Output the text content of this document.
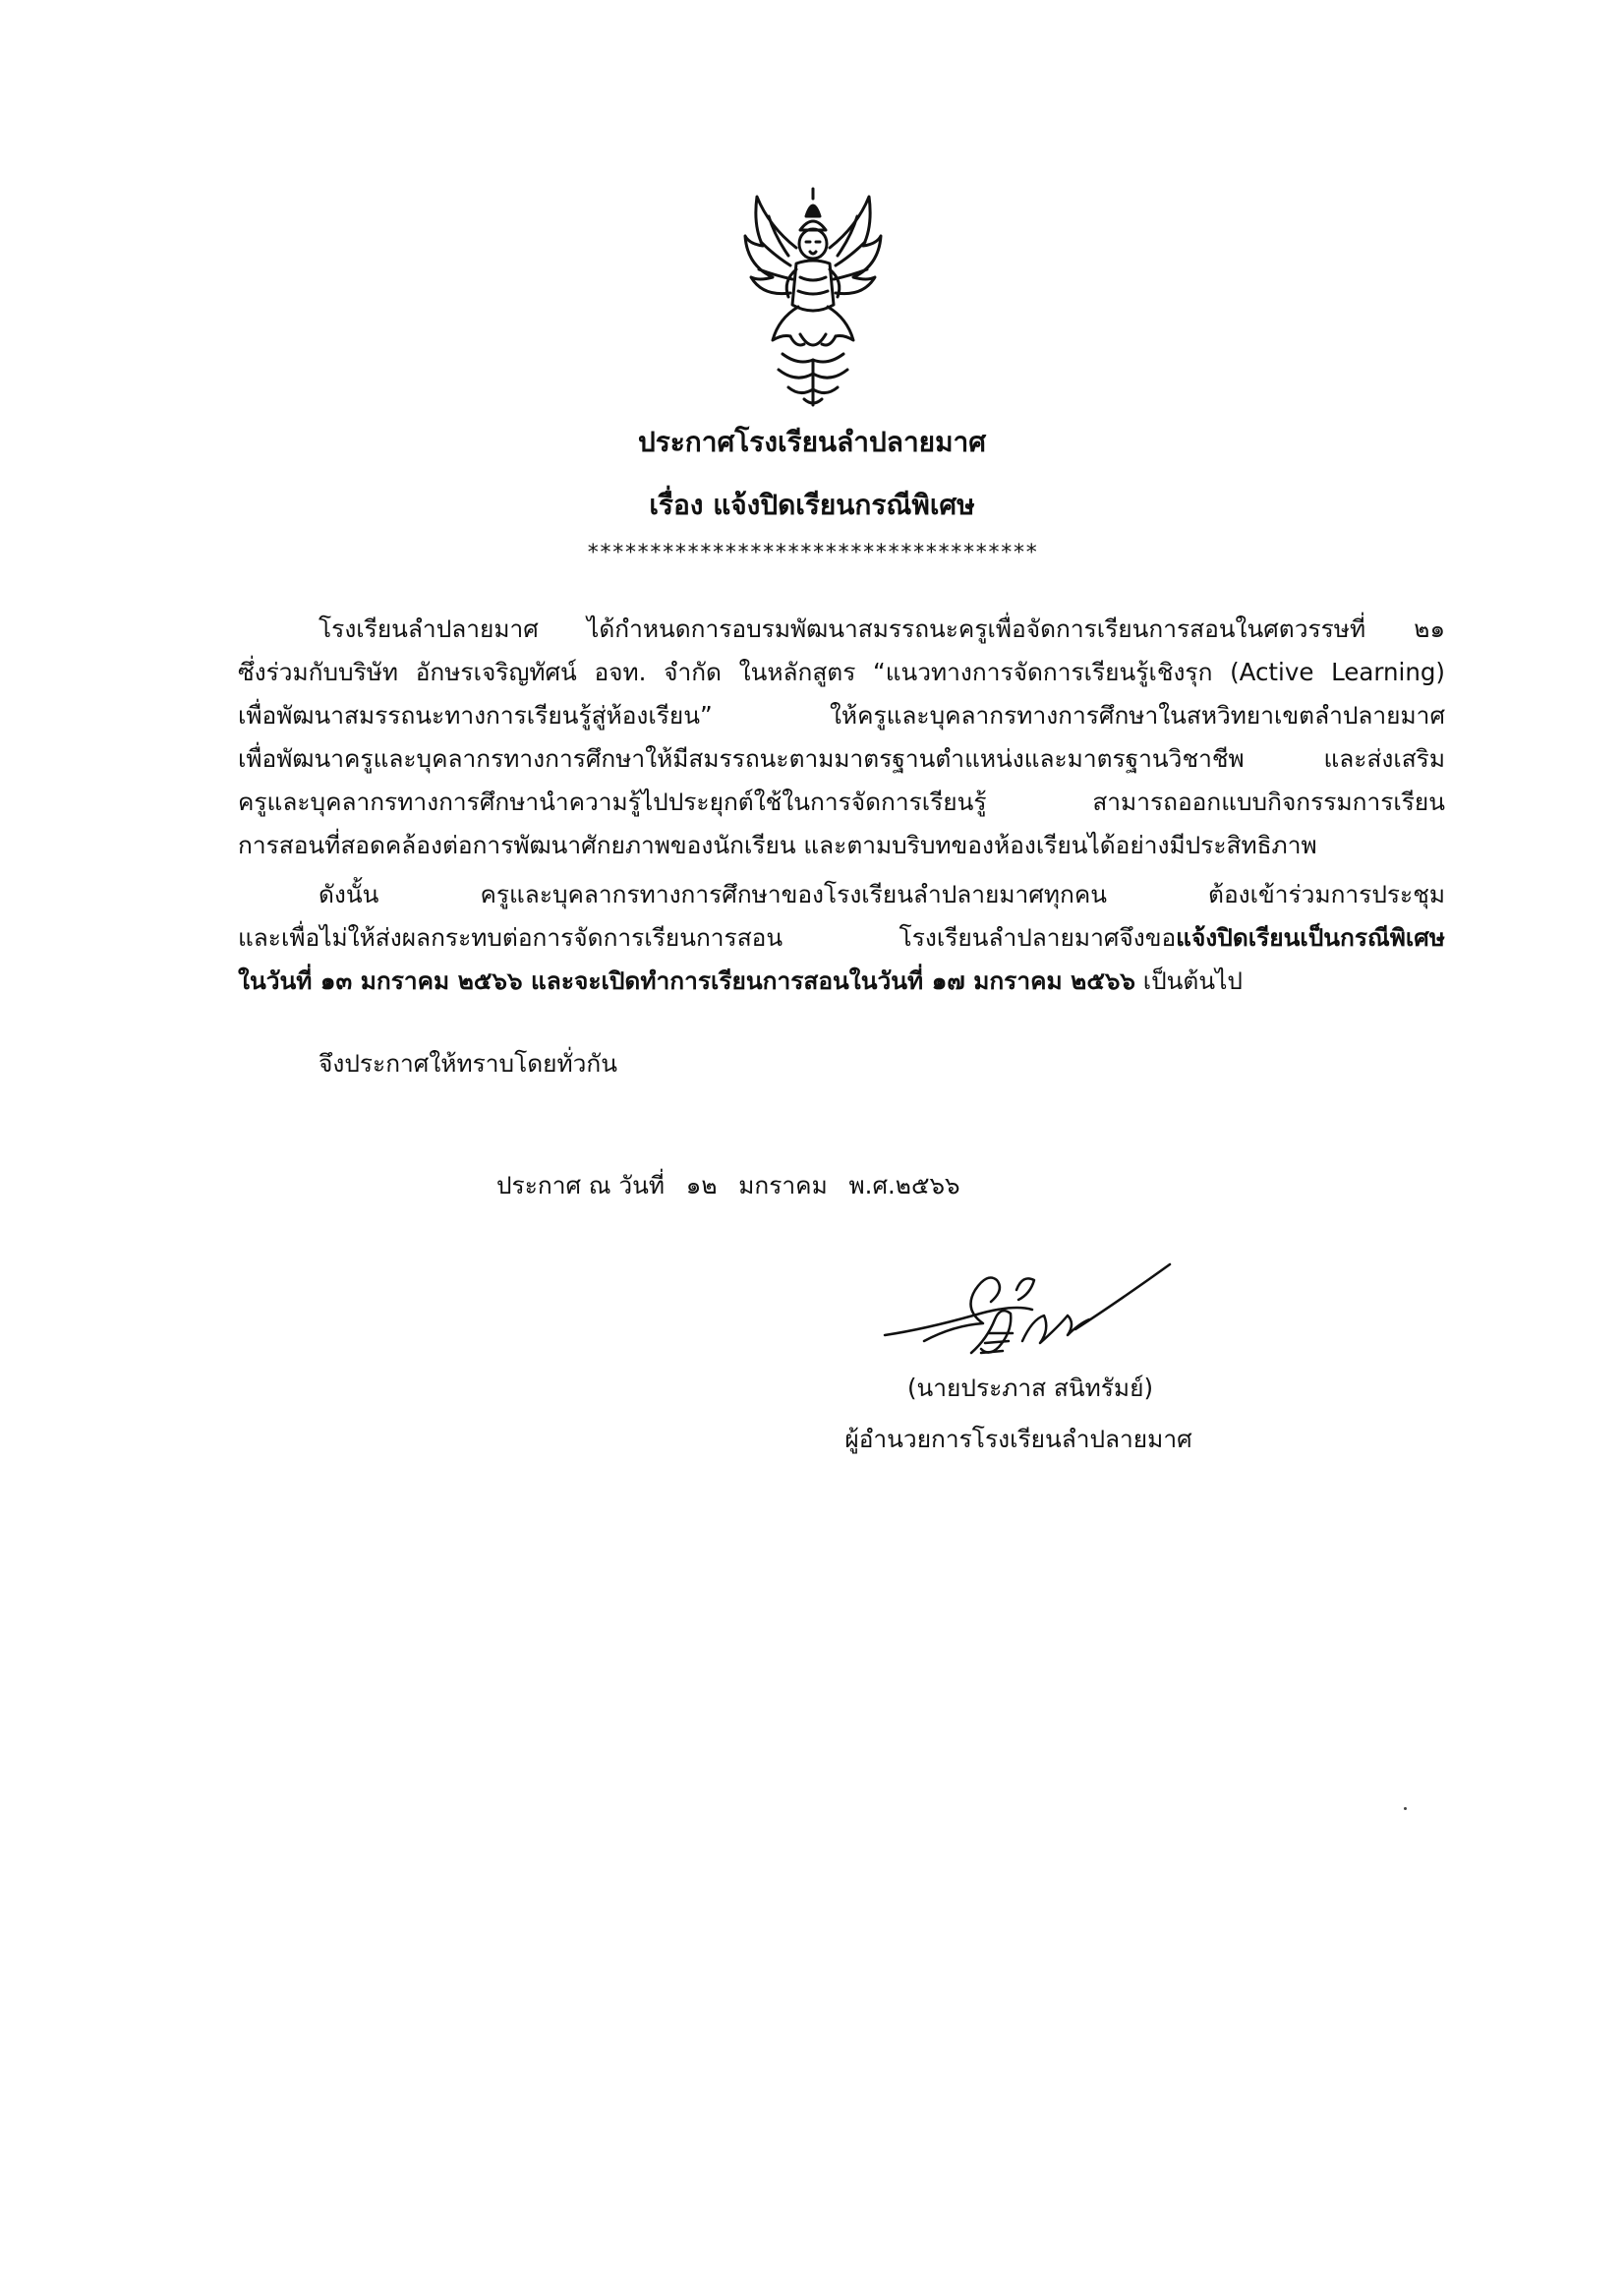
ประกาศโรงเรียนลำปลายมาศ
เรื่อง แจ้งปิดเรียนกรณีพิเศษ
************************************
โรงเรียนลำปลายมาศ ได้กำหนดการอบรมพัฒนาสมรรถนะครูเพื่อจัดการเรียนการสอนในศตวรรษที่ ๒๑
ซึ่งร่วมกับบริษัท อักษรเจริญทัศน์ อจท. จำกัด ในหลักสูตร “แนวทางการจัดการเรียนรู้เชิงรุก (Active Learning)
เพื่อพัฒนาสมรรถนะทางการเรียนรู้สู่ห้องเรียน” ให้ครูและบุคลากรทางการศึกษาในสหวิทยาเขตลำปลายมาศ
เพื่อพัฒนาครูและบุคลากรทางการศึกษาให้มีสมรรถนะตามมาตรฐานตำแหน่งและมาตรฐานวิชาชีพ และส่งเสริม
ครูและบุคลากรทางการศึกษานำความรู้ไปประยุกต์ใช้ในการจัดการเรียนรู้ สามารถออกแบบกิจกรรมการเรียน
การสอนที่สอดคล้องต่อการพัฒนาศักยภาพของนักเรียน และตามบริบทของห้องเรียนได้อย่างมีประสิทธิภาพ
ดังนั้น ครูและบุคลากรทางการศึกษาของโรงเรียนลำปลายมาศทุกคน ต้องเข้าร่วมการประชุม
และเพื่อไม่ให้ส่งผลกระทบต่อการจัดการเรียนการสอน โรงเรียนลำปลายมาศจึงขอแจ้งปิดเรียนเป็นกรณีพิเศษ
ในวันที่ ๑๓ มกราคม ๒๕๖๖ และจะเปิดทำการเรียนการสอนในวันที่ ๑๗ มกราคม ๒๕๖๖ เป็นต้นไป
จึงประกาศให้ทราบโดยทั่วกัน
ประกาศ ณ วันที่ ๑๒ มกราคม พ.ศ.๒๕๖๖
(นายประภาส สนิทรัมย์)
ผู้อำนวยการโรงเรียนลำปลายมาศ
